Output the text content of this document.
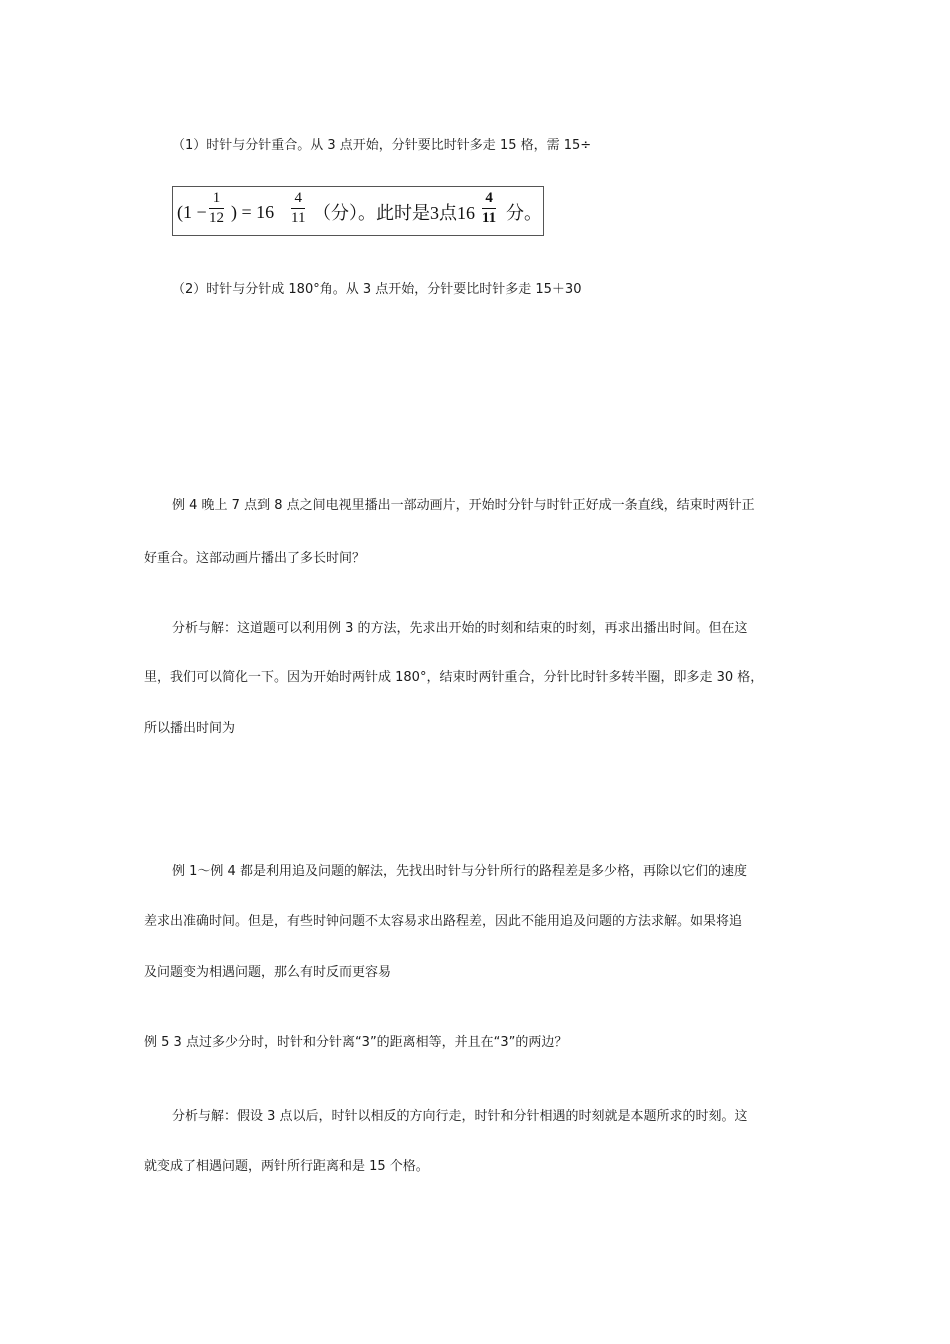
（1）时针与分针重合。从 3 点开始，分针要比时针多走 15 格，需 15÷
(1 −
1
12 ) = 16
4
11 （分）。此时是3点16
4
11 分。
（2）时针与分针成 180°角。从 3 点开始，分针要比时针多走 15＋30
例 4 晚上 7 点到 8 点之间电视里播出一部动画片，开始时分针与时针正好成一条直线，结束时两针正
好重合。这部动画片播出了多长时间？
分析与解：这道题可以利用例 3 的方法，先求出开始的时刻和结束的时刻，再求出播出时间。但在这
里，我们可以简化一下。因为开始时两针成 180°，结束时两针重合，分针比时针多转半圈，即多走 30 格，
所以播出时间为
例 1～例 4 都是利用追及问题的解法，先找出时针与分针所行的路程差是多少格，再除以它们的速度
差求出准确时间。但是，有些时钟问题不太容易求出路程差，因此不能用追及问题的方法求解。如果将追
及问题变为相遇问题，那么有时反而更容易
例 5 3 点过多少分时，时针和分针离“3”的距离相等，并且在“3”的两边？
分析与解：假设 3 点以后，时针以相反的方向行走，时针和分针相遇的时刻就是本题所求的时刻。这
就变成了相遇问题，两针所行距离和是 15 个格。
